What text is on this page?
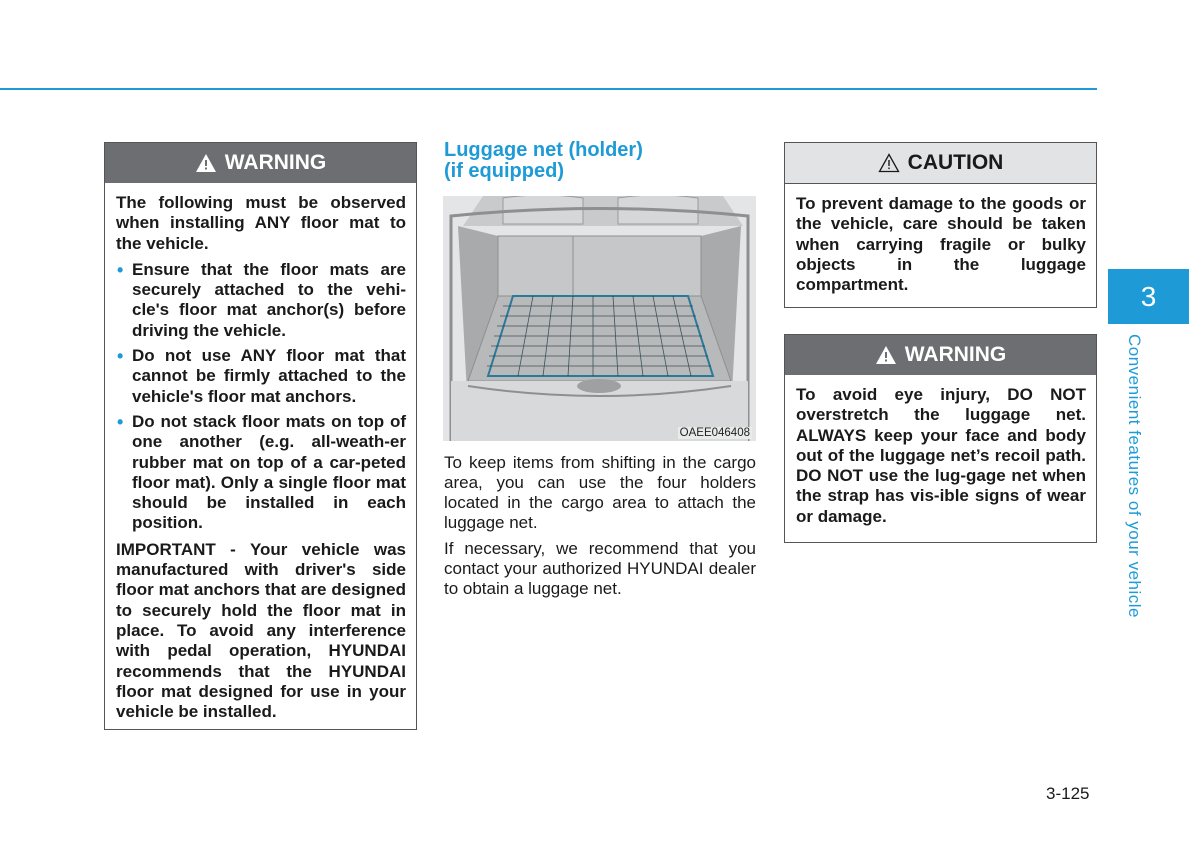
WARNING

The following must be observed when installing ANY floor mat to the vehicle.

• Ensure that the floor mats are securely attached to the vehi-cle's floor mat anchor(s) before driving the vehicle.
• Do not use ANY floor mat that cannot be firmly attached to the vehicle's floor mat anchors.
• Do not stack floor mats on top of one another (e.g. all-weath-er rubber mat on top of a car-peted floor mat). Only a single floor mat should be installed in each position.

IMPORTANT - Your vehicle was manufactured with driver's side floor mat anchors that are designed to securely hold the floor mat in place. To avoid any interference with pedal operation, HYUNDAI recommends that the HYUNDAI floor mat designed for use in your vehicle be installed.

Luggage net (holder)
(if equipped)
OAEE046408

To keep items from shifting in the cargo area, you can use the four holders located in the cargo area to attach the luggage net.

If necessary, we recommend that you contact your authorized HYUNDAI dealer to obtain a luggage net.

CAUTION

To prevent damage to the goods or the vehicle, care should be taken when carrying fragile or bulky objects in the luggage compartment.

WARNING

To avoid eye injury, DO NOT overstretch the luggage net. ALWAYS keep your face and body out of the luggage net’s recoil path. DO NOT use the lug-gage net when the strap has vis-ible signs of wear or damage.

3
Convenient features of your vehicle
3-125
